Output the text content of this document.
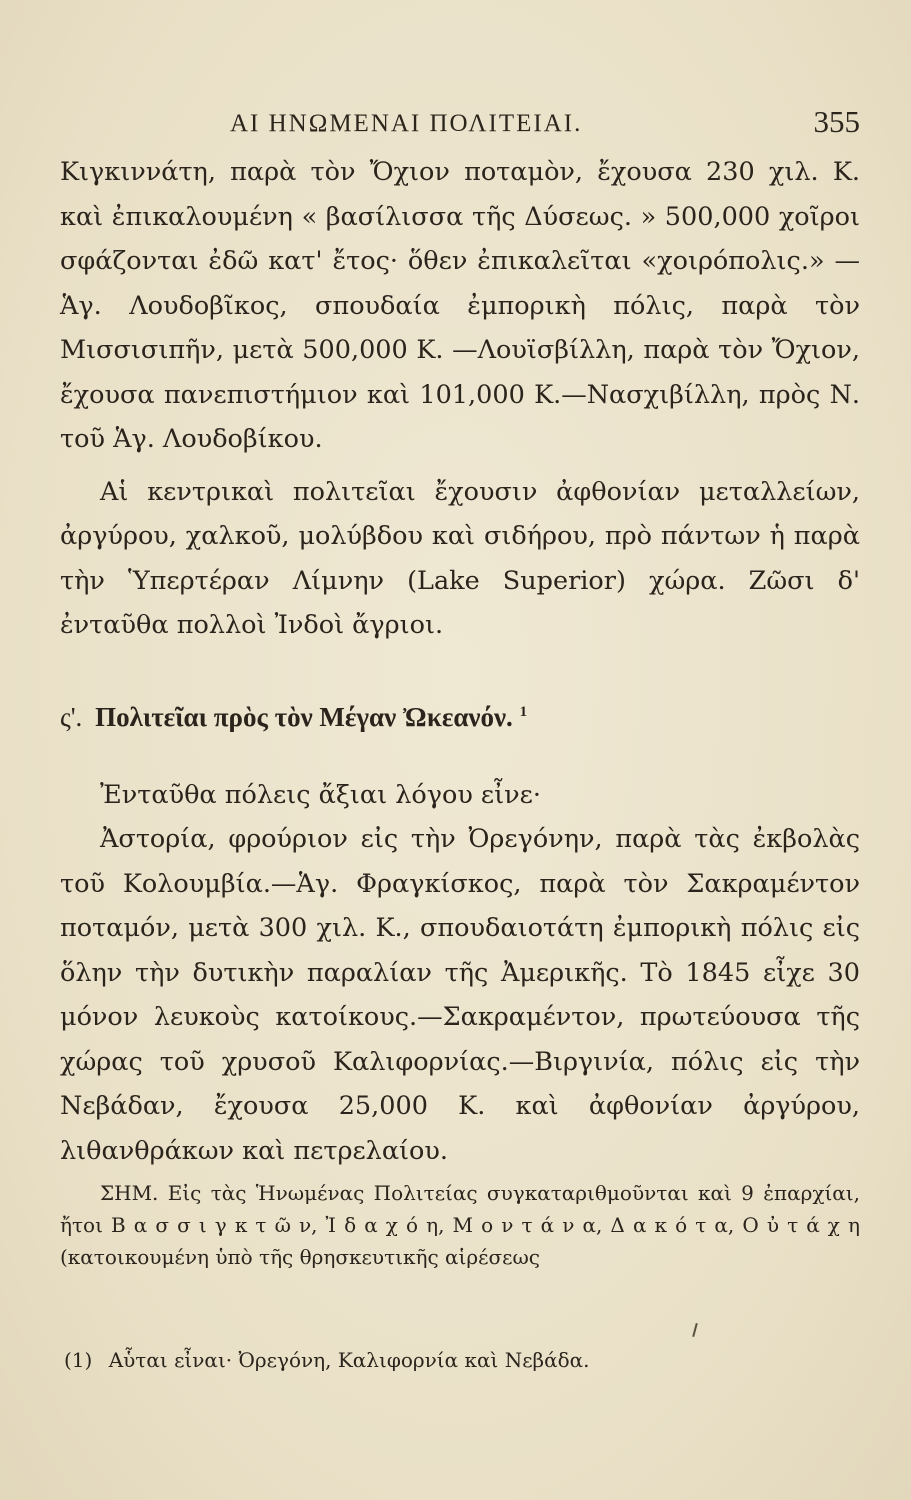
ΑΙ ΗΝΩΜΕΝΑΙ ΠΟΛΙΤΕΙΑΙ.	355

Κιγκιννάτη, παρὰ τὸν Ὄχιον ποταμὸν, ἔχουσα 230 χιλ. Κ. καὶ ἐπικαλουμένη « βασίλισσα τῆς Δύσεως. » 500,000 χοῖροι σφάζονται ἐδῶ κατ' ἔτος· ὅθεν ἐπικαλεῖται «χοιρόπολις.» —Ἁγ. Λουδοβῖκος, σπουδαία ἐμπορικὴ πόλις, παρὰ τὸν Μισσισιπῆν, μετὰ 500,000 Κ. —Λουϊσβίλλη, παρὰ τὸν Ὄχιον, ἔχουσα πανεπιστήμιον καὶ 101,000 Κ.—Νασχιβίλλη, πρὸς Ν. τοῦ Ἁγ. Λουδοβίκου.

Αἱ κεντρικαὶ πολιτεῖαι ἔχουσιν ἀφθονίαν μεταλλείων, ἀργύρου, χαλκοῦ, μολύβδου καὶ σιδήρου, πρὸ πάντων ἡ παρὰ τὴν Ὑπερτέραν Λίμνην (Lake Superior) χώρα. Ζῶσι δ' ἐνταῦθα πολλοὶ Ἰνδοὶ ἄγριοι.

ς'. Πολιτεῖαι πρὸς τὸν Μέγαν Ὠκεανόν. $^1$

Ἐνταῦθα πόλεις ἄξιαι λόγου εἶνε·

Ἀστορία, φρούριον εἰς τὴν Ὀρεγόνην, παρὰ τὰς ἐκβολὰς τοῦ Κολουμβία.—Ἁγ. Φραγκίσκος, παρὰ τὸν Σακραμέντον ποταμόν, μετὰ 300 χιλ. Κ., σπουδαιοτάτη ἐμπορικὴ πόλις εἰς ὅλην τὴν δυτικὴν παραλίαν τῆς Ἀμερικῆς. Τὸ 1845 εἶχε 30 μόνον λευκοὺς κατοίκους.—Σακραμέντον, πρωτεύουσα τῆς χώρας τοῦ χρυσοῦ Καλιφορνίας.—Βιργινία, πόλις εἰς τὴν Νεβάδαν, ἔχουσα 25,000 Κ. καὶ ἀφθονίαν ἀργύρου, λιθανθράκων καὶ πετρελαίου.

ΣΗΜ. Εἰς τὰς Ἡνωμένας Πολιτείας συγκαταριθμοῦνται καὶ 9 ἐπαρχίαι, ἤτοι Β α σ σ ι γ κ τ ῶ ν, Ἰ δ α χ ό η, Μ ο ν τ ά ν α, Δ α κ ό τ α, Ο ὐ τ ά χ η (κατοικουμένη ὑπὸ τῆς θρησκευτικῆς αἱρέσεως

(1) Αὗται εἶναι· Ὀρεγόνη, Καλιφορνία καὶ Νεβάδα.
